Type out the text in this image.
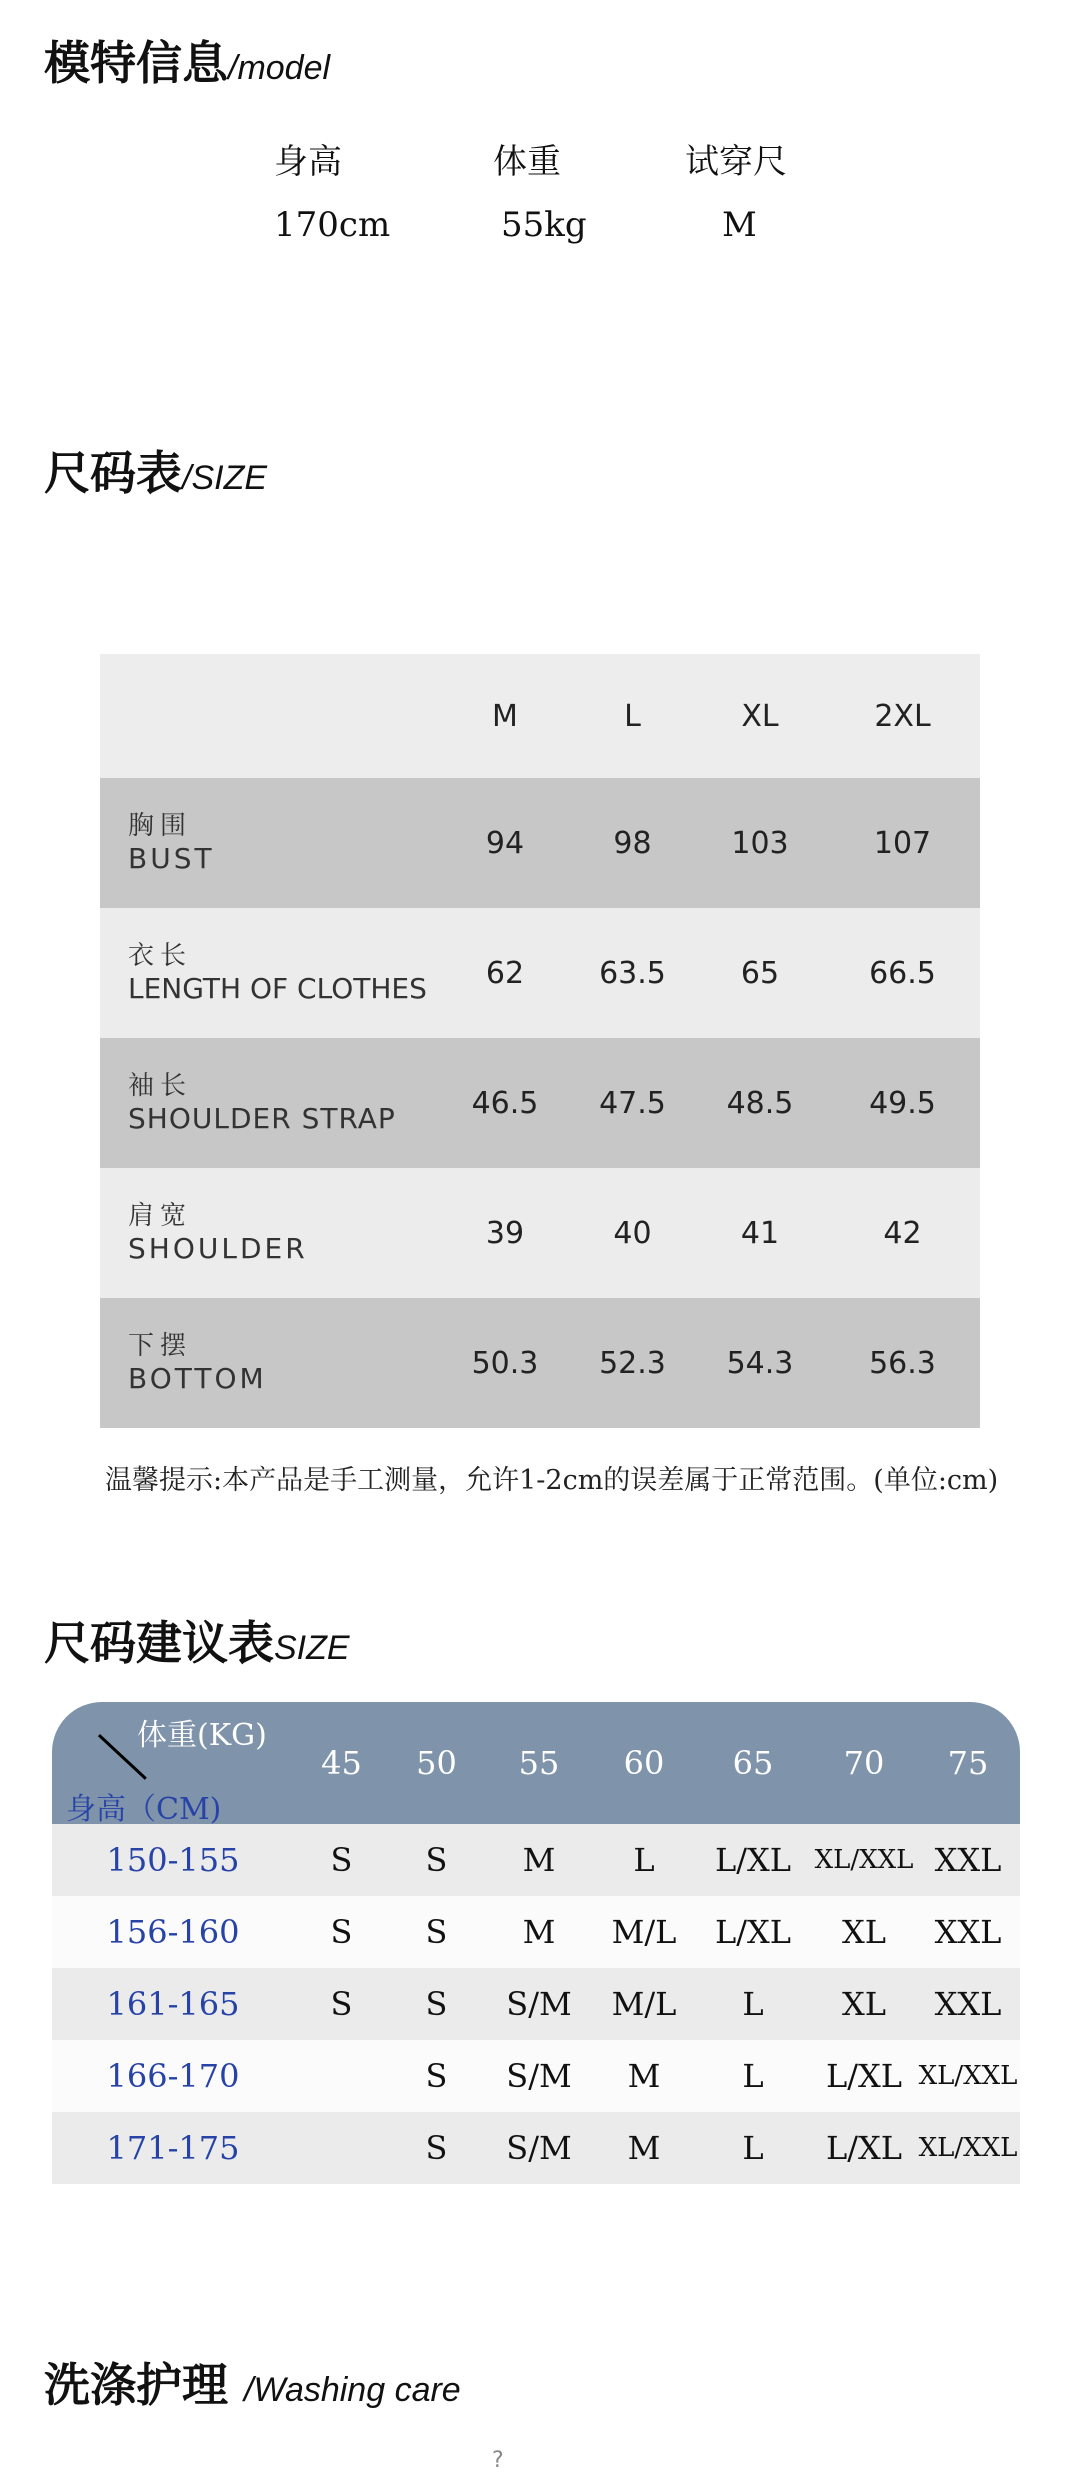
模特信息/model
身高	体重	试穿尺
170cm	55kg	M
尺码表/SIZE
	M	L	XL	2XL

胸围
BUST	94	98	103	107

衣长
LENGTH OF CLOTHES	62	63.5	65	66.5

袖长
SHOULDER STRAP	46.5	47.5	48.5	49.5

肩宽
SHOULDER	39	40	41	42

下摆
BOTTOM	50.3	52.3	54.3	56.3

温馨提示:本产品是手工测量，允许1-2cm的误差属于正常范围。(单位:cm)

尺码建议表SIZE
体重(KG)
身高（CM)	45	50	55	60	65	70	75
150-155	S	S	M	L	L/XL	XL/XXL	XXL
156-160	S	S	M	M/L	L/XL	XL	XXL
161-165	S	S	S/M	M/L	L	XL	XXL
166-170		S	S/M	M	L	L/XL	XL/XXL
171-175		S	S/M	M	L	L/XL	XL/XXL
洗涤护理 /Washing care
?
